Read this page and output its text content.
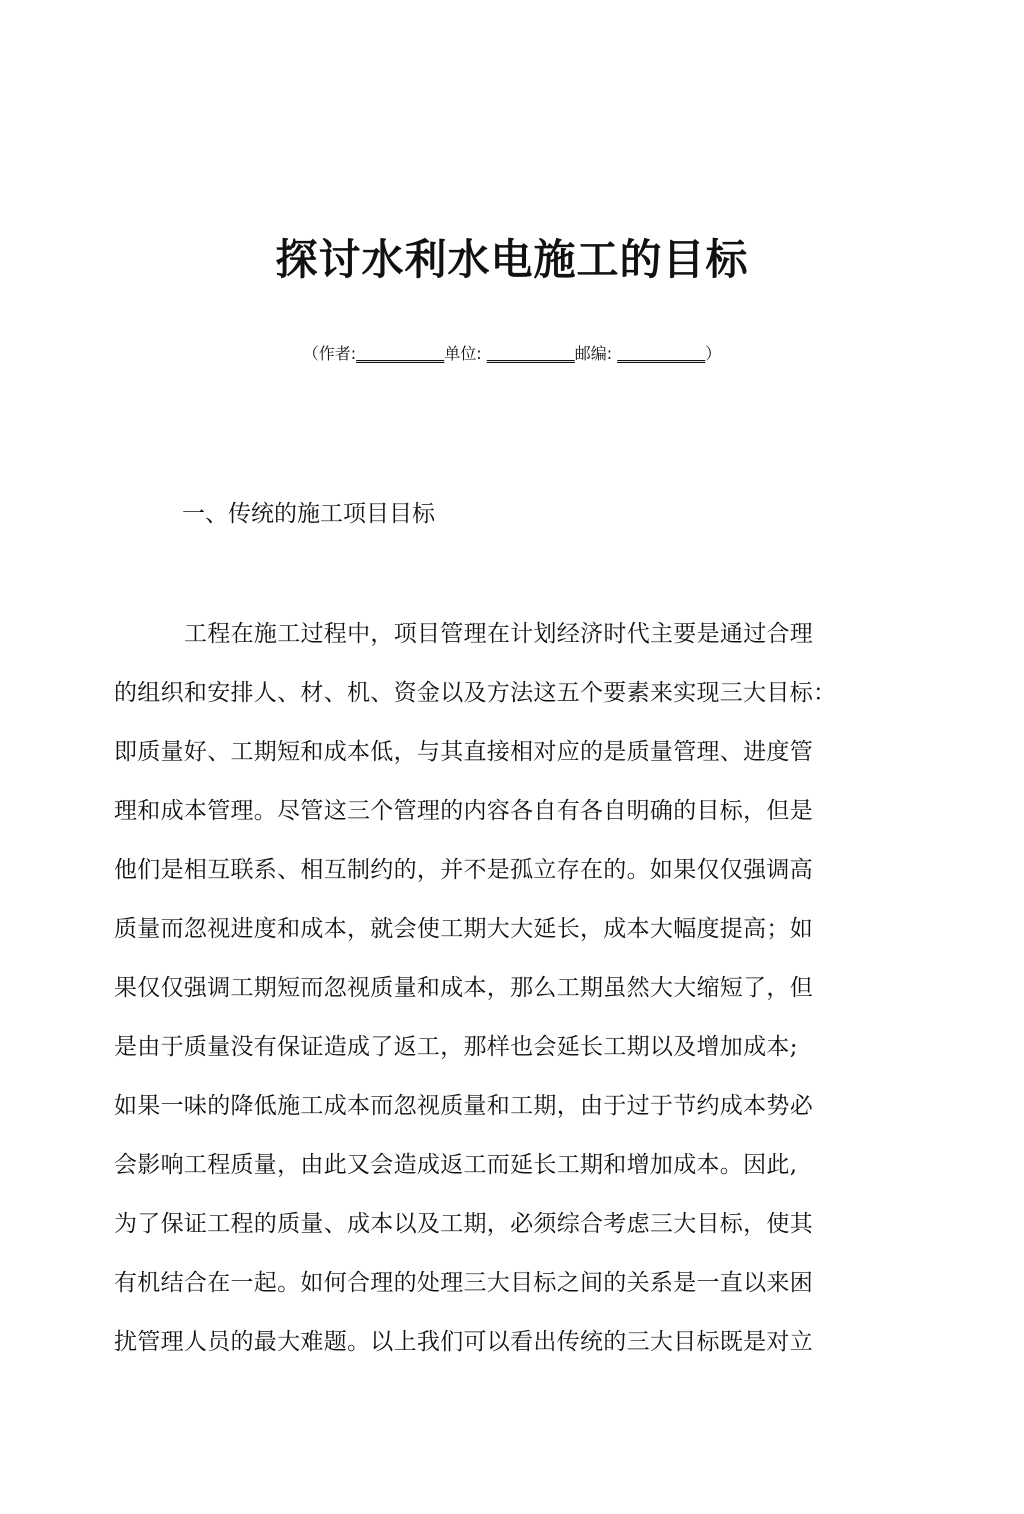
探讨水利水电施工的目标
（作者:___________单位: ___________邮编: ___________）
一、传统的施工项目目标
工程在施工过程中，项目管理在计划经济时代主要是通过合理
的组织和安排人、材、机、资金以及方法这五个要素来实现三大目标：
即质量好、工期短和成本低，与其直接相对应的是质量管理、进度管
理和成本管理。尽管这三个管理的内容各自有各自明确的目标，但是
他们是相互联系、相互制约的，并不是孤立存在的。如果仅仅强调高
质量而忽视进度和成本，就会使工期大大延长，成本大幅度提高；如
果仅仅强调工期短而忽视质量和成本，那么工期虽然大大缩短了，但
是由于质量没有保证造成了返工，那样也会延长工期以及增加成本;
如果一味的降低施工成本而忽视质量和工期，由于过于节约成本势必
会影响工程质量，由此又会造成返工而延长工期和增加成本。因此,
为了保证工程的质量、成本以及工期，必须综合考虑三大目标，使其
有机结合在一起。如何合理的处理三大目标之间的关系是一直以来困
扰管理人员的最大难题。以上我们可以看出传统的三大目标既是对立
